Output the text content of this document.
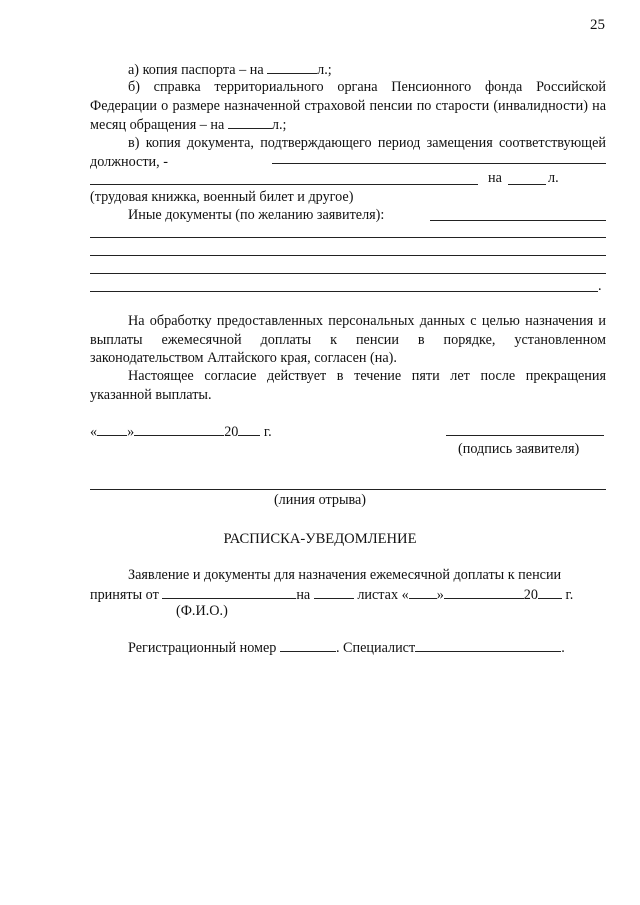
25
а) копия паспорта – на	л.;
б) справка территориального органа Пенсионного фонда Российской Федерации о размере назначенной страховой пенсии по старости (инвалидности) на месяц обращения – на	л.;
в) копия документа, подтверждающего период замещения соответствующей должности, -
на	л.
(трудовая книжка, военный билет и другое)
Иные документы (по желанию заявителя):
.
На обработку предоставленных персональных данных с целью назначения и выплаты ежемесячной доплаты к пенсии в порядке, установленном законодательством Алтайского края, согласен (на).
Настоящее согласие действует в течение пяти лет после прекращения указанной выплаты.
« »	20 г.
(подпись заявителя)
(линия отрыва)
РАСПИСКА-УВЕДОМЛЕНИЕ
Заявление и документы для назначения ежемесячной доплаты к пенсии
приняты от	на	листах « »	20 г.
(Ф.И.О.)
Регистрационный номер	. Специалист	.
